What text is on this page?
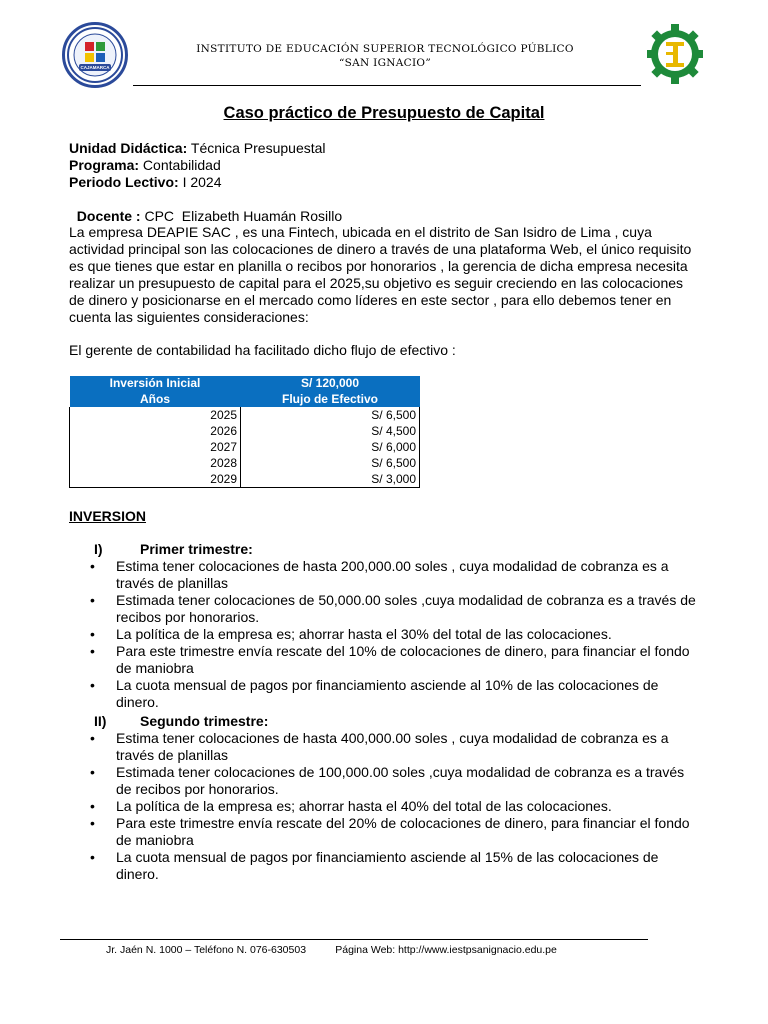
CAJAMARCA
INSTITUTO DE EDUCACIÓN SUPERIOR TECNOLÓGICO PÚBLICO
“SAN IGNACIO”
Caso práctico de Presupuesto de Capital
Unidad Didáctica: Técnica Presupuestal
Programa: Contabilidad
Periodo Lectivo: I 2024

Docente : CPC  Elizabeth Huamán Rosillo

La empresa DEAPIE SAC , es una Fintech, ubicada en el distrito de San Isidro de Lima , cuya actividad principal son las colocaciones de dinero a través de una plataforma Web, el único requisito es que tienes que estar en planilla o recibos por honorarios , la gerencia de dicha empresa necesita realizar un presupuesto de capital para el 2025,su objetivo es seguir creciendo en las colocaciones de dinero y posicionarse en el mercado como líderes en este sector , para ello debemos tener en cuenta las siguientes consideraciones:
El gerente de contabilidad ha facilitado dicho flujo de efectivo :
Inversión Inicial	S/ 120,000
Años	Flujo de Efectivo
2025	S/ 6,500
2026	S/ 4,500
2027	S/ 6,000
2028	S/ 6,500
2029	S/ 3,000
INVERSION
I)	Primer trimestre:
• Estima tener colocaciones de hasta 200,000.00 soles , cuya modalidad de cobranza es a través de planillas
• Estimada tener colocaciones de 50,000.00 soles ,cuya modalidad de cobranza es a través de recibos por honorarios.
• La política de la empresa es; ahorrar hasta el 30% del total de las colocaciones.
• Para este trimestre envía rescate del 10% de colocaciones de dinero, para financiar el fondo de maniobra
• La cuota mensual de pagos por financiamiento asciende al 10% de las colocaciones de dinero.
II) Segundo trimestre:
• Estima tener colocaciones de hasta 400,000.00 soles , cuya modalidad de cobranza es a través de planillas
• Estimada tener colocaciones de 100,000.00 soles ,cuya modalidad de cobranza es a través de recibos por honorarios.
• La política de la empresa es; ahorrar hasta el 40% del total de las colocaciones.
• Para este trimestre envía rescate del 20% de colocaciones de dinero, para financiar el fondo de maniobra
• La cuota mensual de pagos por financiamiento asciende al 15% de las colocaciones de dinero.
Jr. Jaén N. 1000 – Teléfono N. 076-630503	Página Web: http://www.iestpsanignacio.edu.pe
